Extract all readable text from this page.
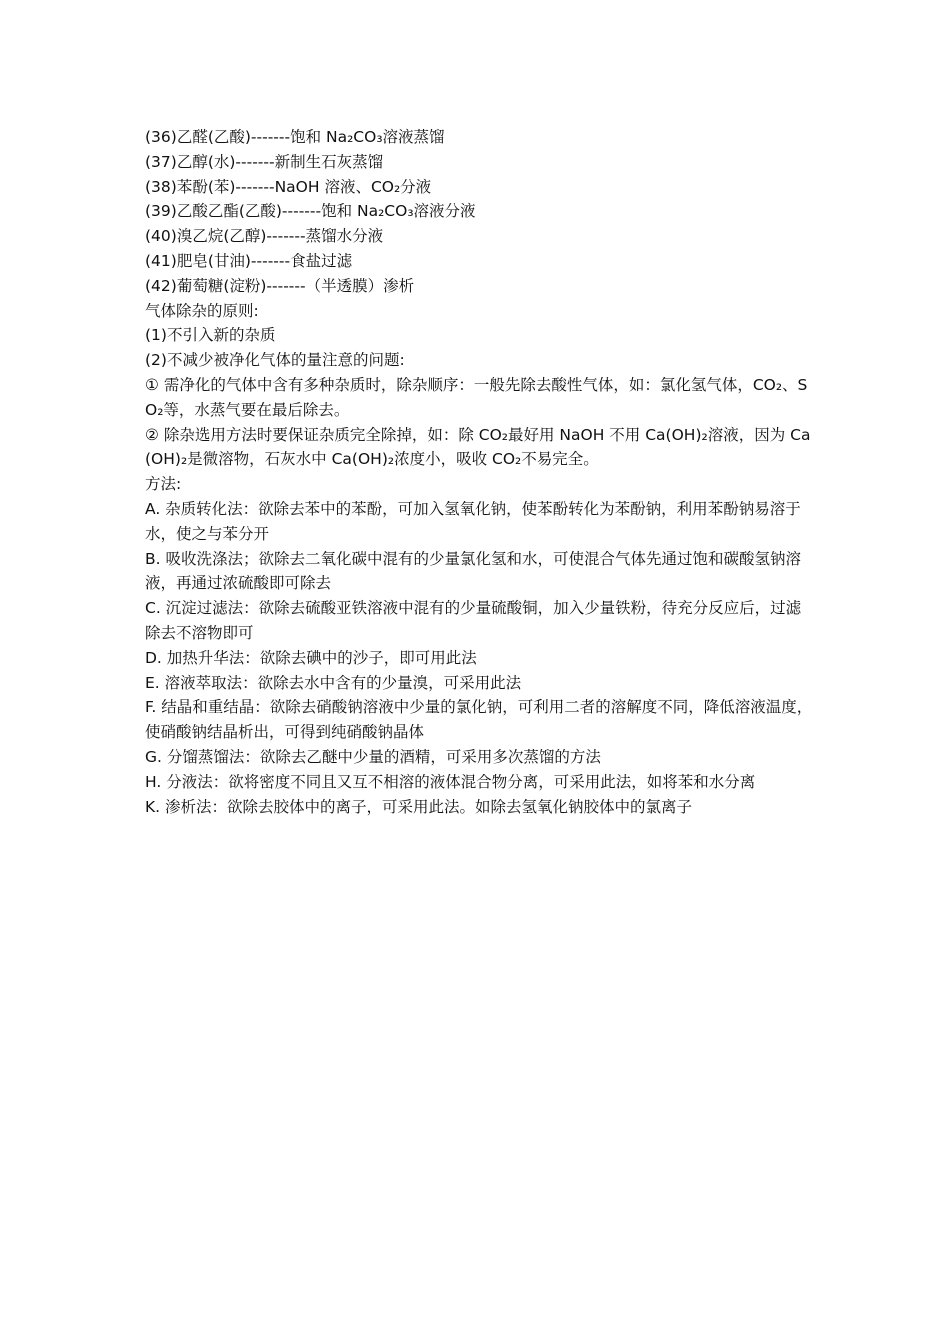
(36)乙醛(乙酸)-------饱和 Na₂CO₃溶液蒸馏
(37)乙醇(水)-------新制生石灰蒸馏
(38)苯酚(苯)-------NaOH 溶液、CO₂分液
(39)乙酸乙酯(乙酸)-------饱和 Na₂CO₃溶液分液
(40)溴乙烷(乙醇)-------蒸馏水分液
(41)肥皂(甘油)-------食盐过滤
(42)葡萄糖(淀粉)-------（半透膜）渗析
气体除杂的原则:
(1)不引入新的杂质
(2)不减少被净化气体的量注意的问题:
① 需净化的气体中含有多种杂质时，除杂顺序：一般先除去酸性气体，如：氯化氢气体，CO₂、SO₂等，水蒸气要在最后除去。
② 除杂选用方法时要保证杂质完全除掉，如：除 CO₂最好用 NaOH 不用 Ca(OH)₂溶液，因为 Ca(OH)₂是微溶物，石灰水中 Ca(OH)₂浓度小，吸收 CO₂不易完全。
方法:
A. 杂质转化法：欲除去苯中的苯酚，可加入氢氧化钠，使苯酚转化为苯酚钠，利用苯酚钠易溶于水，使之与苯分开
B. 吸收洗涤法；欲除去二氧化碳中混有的少量氯化氢和水，可使混合气体先通过饱和碳酸氢钠溶液，再通过浓硫酸即可除去
C. 沉淀过滤法：欲除去硫酸亚铁溶液中混有的少量硫酸铜，加入少量铁粉，待充分反应后，过滤除去不溶物即可
D. 加热升华法：欲除去碘中的沙子，即可用此法
E. 溶液萃取法：欲除去水中含有的少量溴，可采用此法
F. 结晶和重结晶：欲除去硝酸钠溶液中少量的氯化钠，可利用二者的溶解度不同，降低溶液温度，使硝酸钠结晶析出，可得到纯硝酸钠晶体
G. 分馏蒸馏法：欲除去乙醚中少量的酒精，可采用多次蒸馏的方法
H. 分液法：欲将密度不同且又互不相溶的液体混合物分离，可采用此法，如将苯和水分离
K. 渗析法：欲除去胶体中的离子，可采用此法。如除去氢氧化钠胶体中的氯离子
